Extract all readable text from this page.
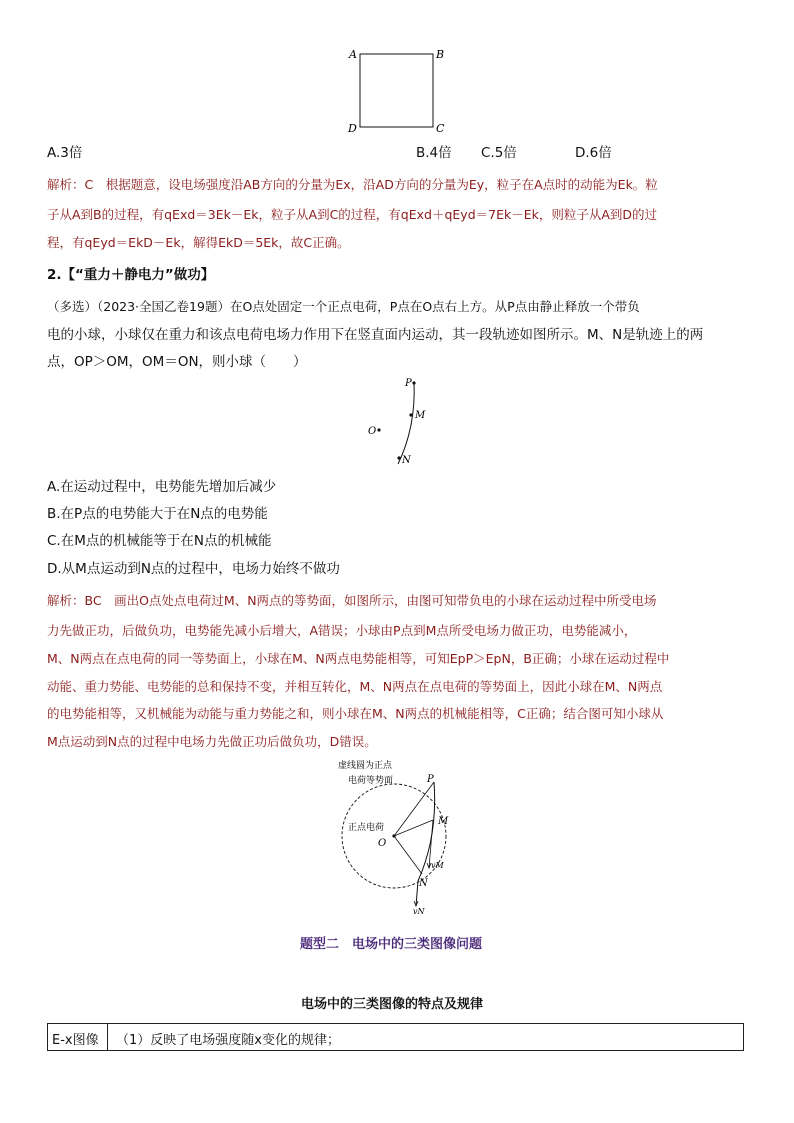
A	B
D	C
A.3倍	B.4倍 C.5倍	D.6倍
解析：C　根据题意，设电场强度沿AB方向的分量为Ex，沿AD方向的分量为Ey，粒子在A点时的动能为Ek。粒
子从A到B的过程，有qExd＝3Ek－Ek，粒子从A到C的过程，有qExd＋qEyd＝7Ek－Ek，则粒子从A到D的过
程，有qEyd＝EkD－Ek，解得EkD＝5Ek，故C正确。
2.【“重力＋静电力”做功】
（多选）（2023·全国乙卷19题）在O点处固定一个正点电荷，P点在O点右上方。从P点由静止释放一个带负
电的小球，小球仅在重力和该点电荷电场力作用下在竖直面内运动，其一段轨迹如图所示。M、N是轨迹上的两
点，OP＞OM，OM＝ON，则小球（　　）
P
M
N
O
A.在运动过程中，电势能先增加后减少
B.在P点的电势能大于在N点的电势能
C.在M点的机械能等于在N点的机械能
D.从M点运动到N点的过程中，电场力始终不做功
解析：BC　画出O点处点电荷过M、N两点的等势面，如图所示，由图可知带负电的小球在运动过程中所受电场
力先做正功，后做负功，电势能先减小后增大，A错误；小球由P点到M点所受电场力做正功，电势能减小，
M、N两点在点电荷的同一等势面上，小球在M、N两点电势能相等，可知EpP＞EpN，B正确；小球在运动过程中
动能、重力势能、电势能的总和保持不变，并相互转化，M、N两点在点电荷的等势面上，因此小球在M、N两点
的电势能相等，又机械能为动能与重力势能之和，则小球在M、N两点的机械能相等，C正确；结合图可知小球从
M点运动到N点的过程中电场力先做正功后做负功，D错误。
虚线圆为正点
电荷等势面
正点电荷
O
P
M
N
vM
vN
题型二　电场中的三类图像问题
电场中的三类图像的特点及规律
E-x图像	（1）反映了电场强度随x变化的规律；
